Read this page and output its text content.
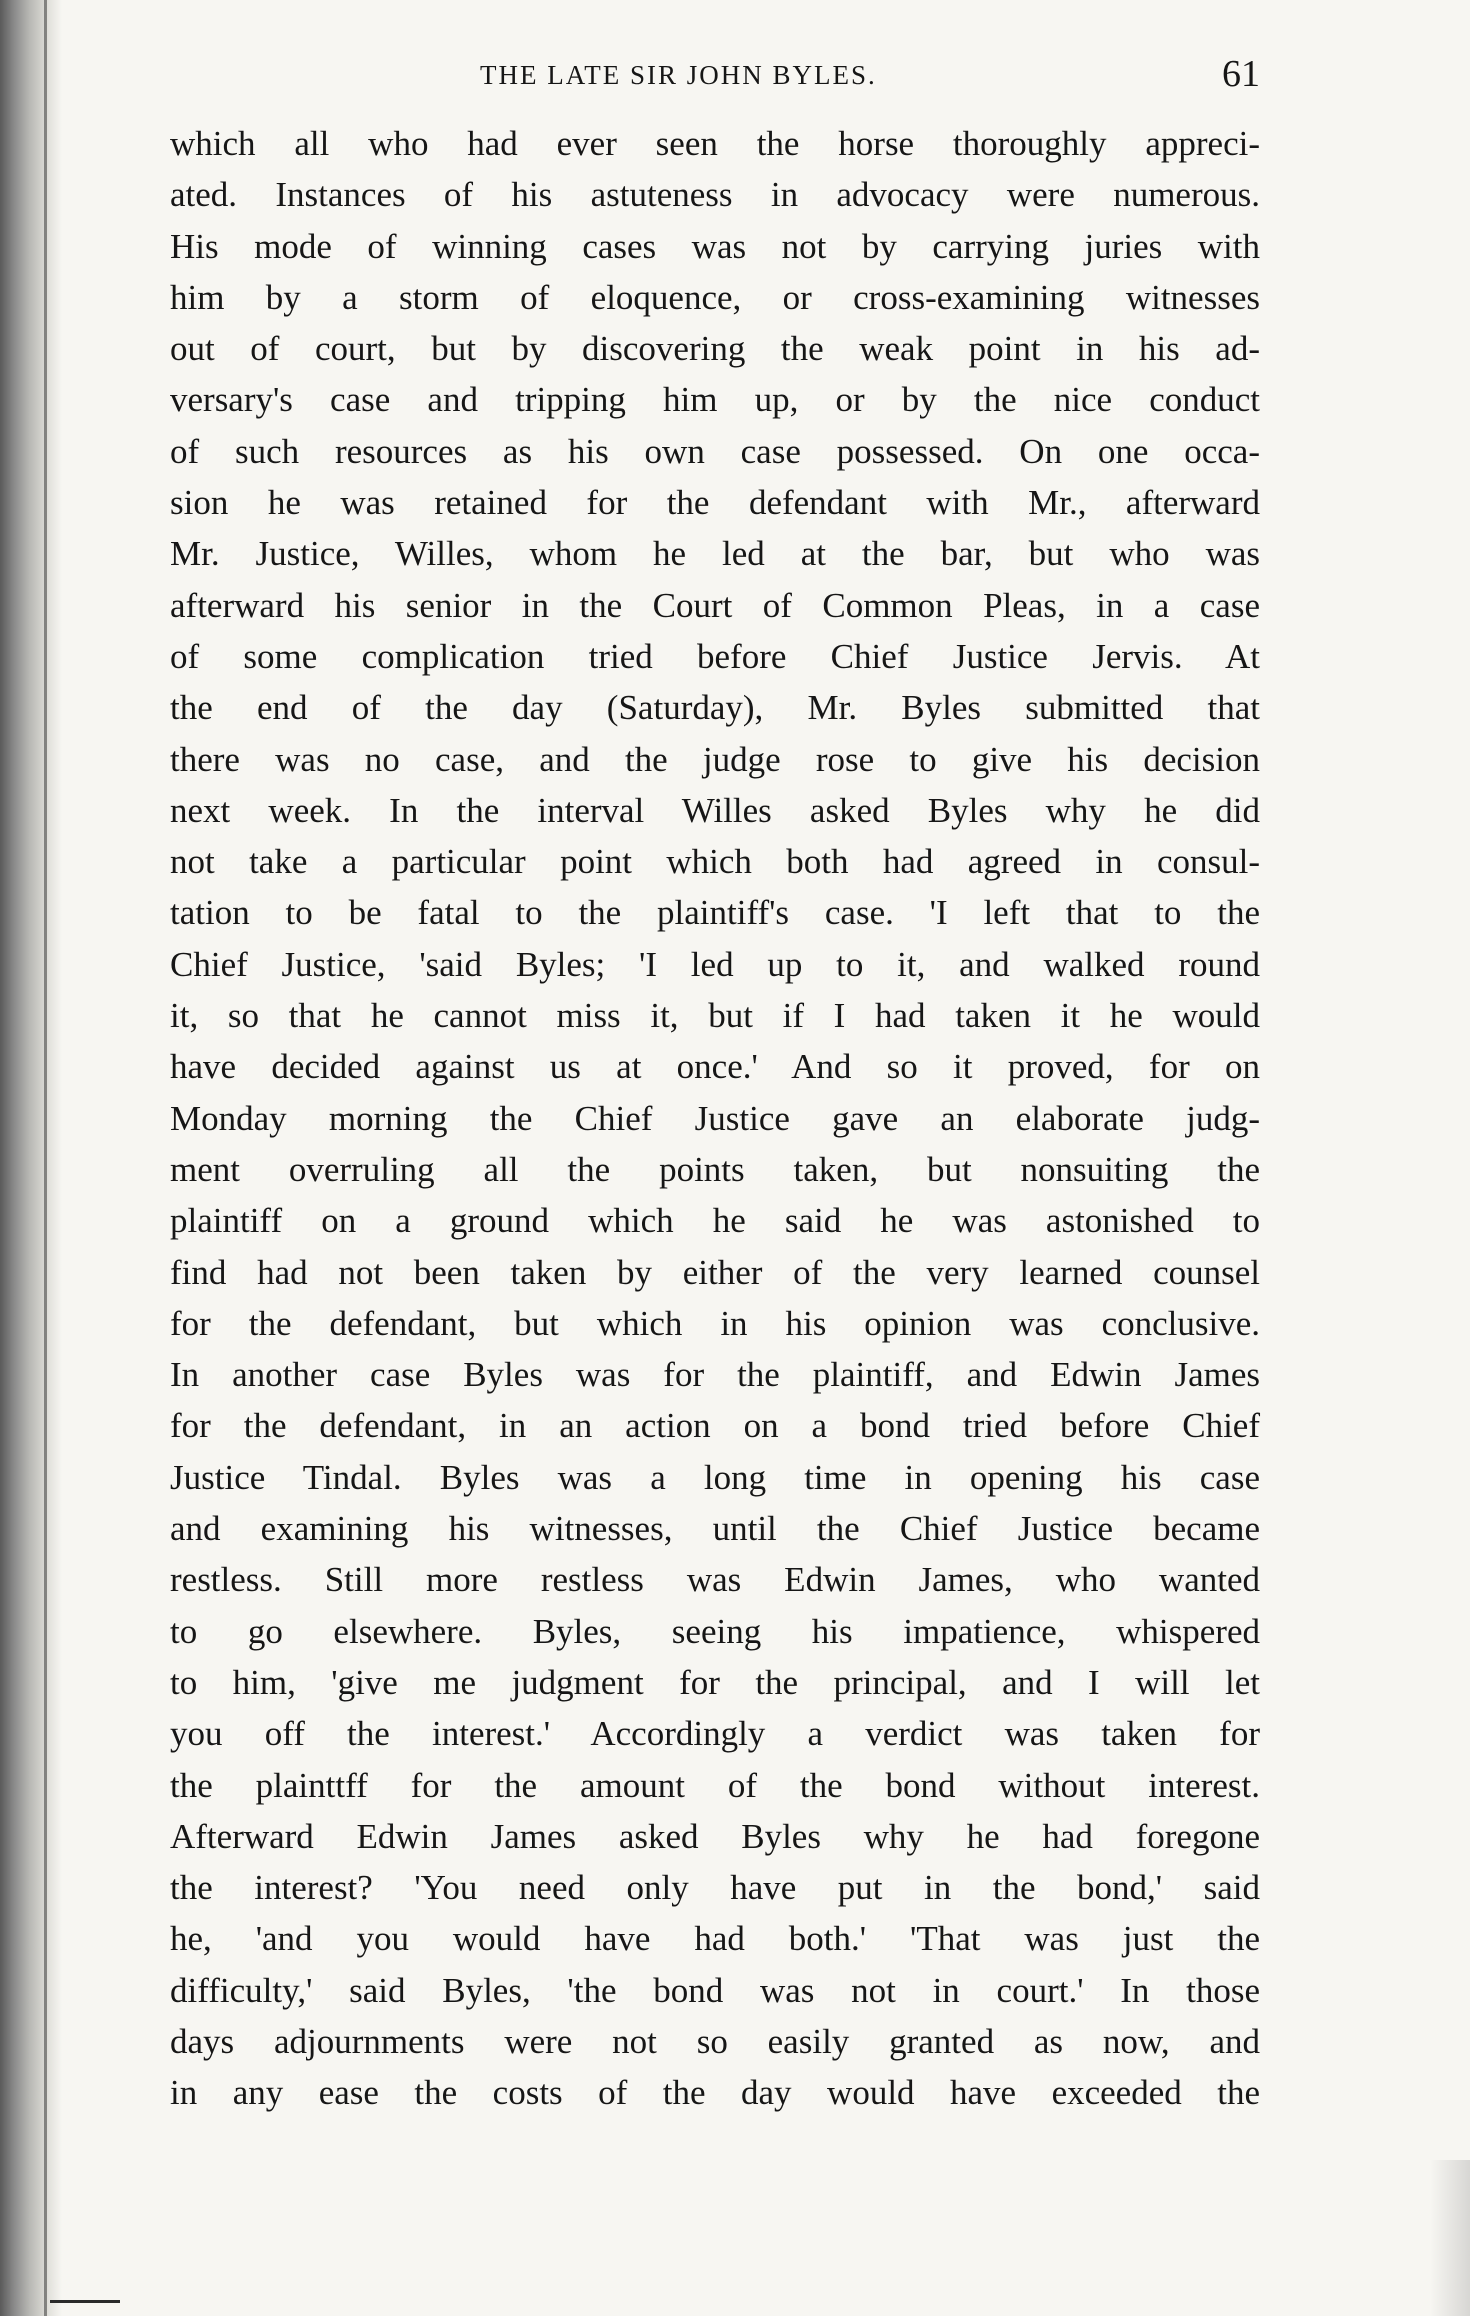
THE LATE SIR JOHN BYLES.	61
which all who had ever seen the horse thoroughly appreci-
ated. Instances of his astuteness in advocacy were numerous.
His mode of winning cases was not by carrying juries with
him by a storm of eloquence, or cross-examining witnesses
out of court, but by discovering the weak point in his ad-
versary's case and tripping him up, or by the nice conduct
of such resources as his own case possessed. On one occa-
sion he was retained for the defendant with Mr., afterward
Mr. Justice, Willes, whom he led at the bar, but who was
afterward his senior in the Court of Common Pleas, in a case
of some complication tried before Chief Justice Jervis. At
the end of the day (Saturday), Mr. Byles submitted that
there was no case, and the judge rose to give his decision
next week. In the interval Willes asked Byles why he did
not take a particular point which both had agreed in consul-
tation to be fatal to the plaintiff's case. 'I left that to the
Chief Justice, 'said Byles; 'I led up to it, and walked round
it, so that he cannot miss it, but if I had taken it he would
have decided against us at once.' And so it proved, for on
Monday morning the Chief Justice gave an elaborate judg-
ment overruling all the points taken, but nonsuiting the
plaintiff on a ground which he said he was astonished to
find had not been taken by either of the very learned counsel
for the defendant, but which in his opinion was conclusive.
In another case Byles was for the plaintiff, and Edwin James
for the defendant, in an action on a bond tried before Chief
Justice Tindal. Byles was a long time in opening his case
and examining his witnesses, until the Chief Justice became
restless. Still more restless was Edwin James, who wanted
to go elsewhere. Byles, seeing his impatience, whispered
to him, 'give me judgment for the principal, and I will let
you off the interest.' Accordingly a verdict was taken for
the plainttff for the amount of the bond without interest.
Afterward Edwin James asked Byles why he had foregone
the interest? 'You need only have put in the bond,' said
he, 'and you would have had both.' 'That was just the
difficulty,' said Byles, 'the bond was not in court.' In those
days adjournments were not so easily granted as now, and
in any ease the costs of the day would have exceeded the
